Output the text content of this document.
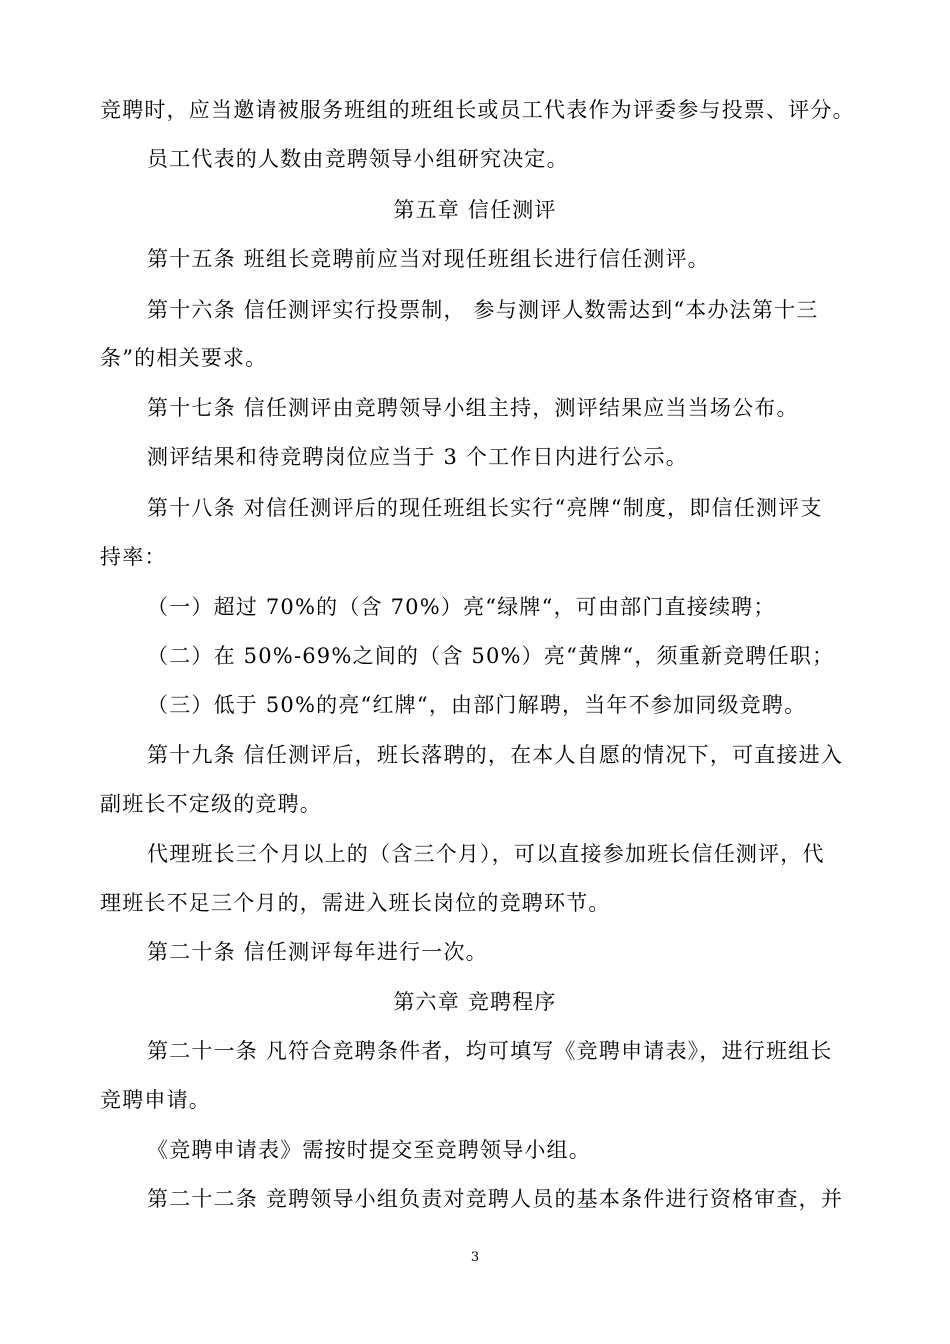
竞聘时，应当邀请被服务班组的班组长或员工代表作为评委参与投票、评分。
员工代表的人数由竞聘领导小组研究决定。
第五章 信任测评
第十五条 班组长竞聘前应当对现任班组长进行信任测评。
第十六条 信任测评实行投票制， 参与测评人数需达到“本办法第十三
条”的相关要求。
第十七条 信任测评由竞聘领导小组主持，测评结果应当当场公布。
测评结果和待竞聘岗位应当于 3 个工作日内进行公示。
第十八条 对信任测评后的现任班组长实行“亮牌“制度，即信任测评支
持率：
（一）超过 70%的（含 70%）亮“绿牌“，可由部门直接续聘；
（二）在 50%-69%之间的（含 50%）亮“黄牌“，须重新竞聘任职；
（三）低于 50%的亮“红牌“，由部门解聘，当年不参加同级竞聘。
第十九条 信任测评后，班长落聘的，在本人自愿的情况下，可直接进入
副班长不定级的竞聘。
代理班长三个月以上的（含三个月），可以直接参加班长信任测评，代
理班长不足三个月的，需进入班长岗位的竞聘环节。
第二十条 信任测评每年进行一次。
第六章 竞聘程序
第二十一条 凡符合竞聘条件者，均可填写《竞聘申请表》，进行班组长
竞聘申请。
《竞聘申请表》需按时提交至竞聘领导小组。
第二十二条 竞聘领导小组负责对竞聘人员的基本条件进行资格审查，并
3
